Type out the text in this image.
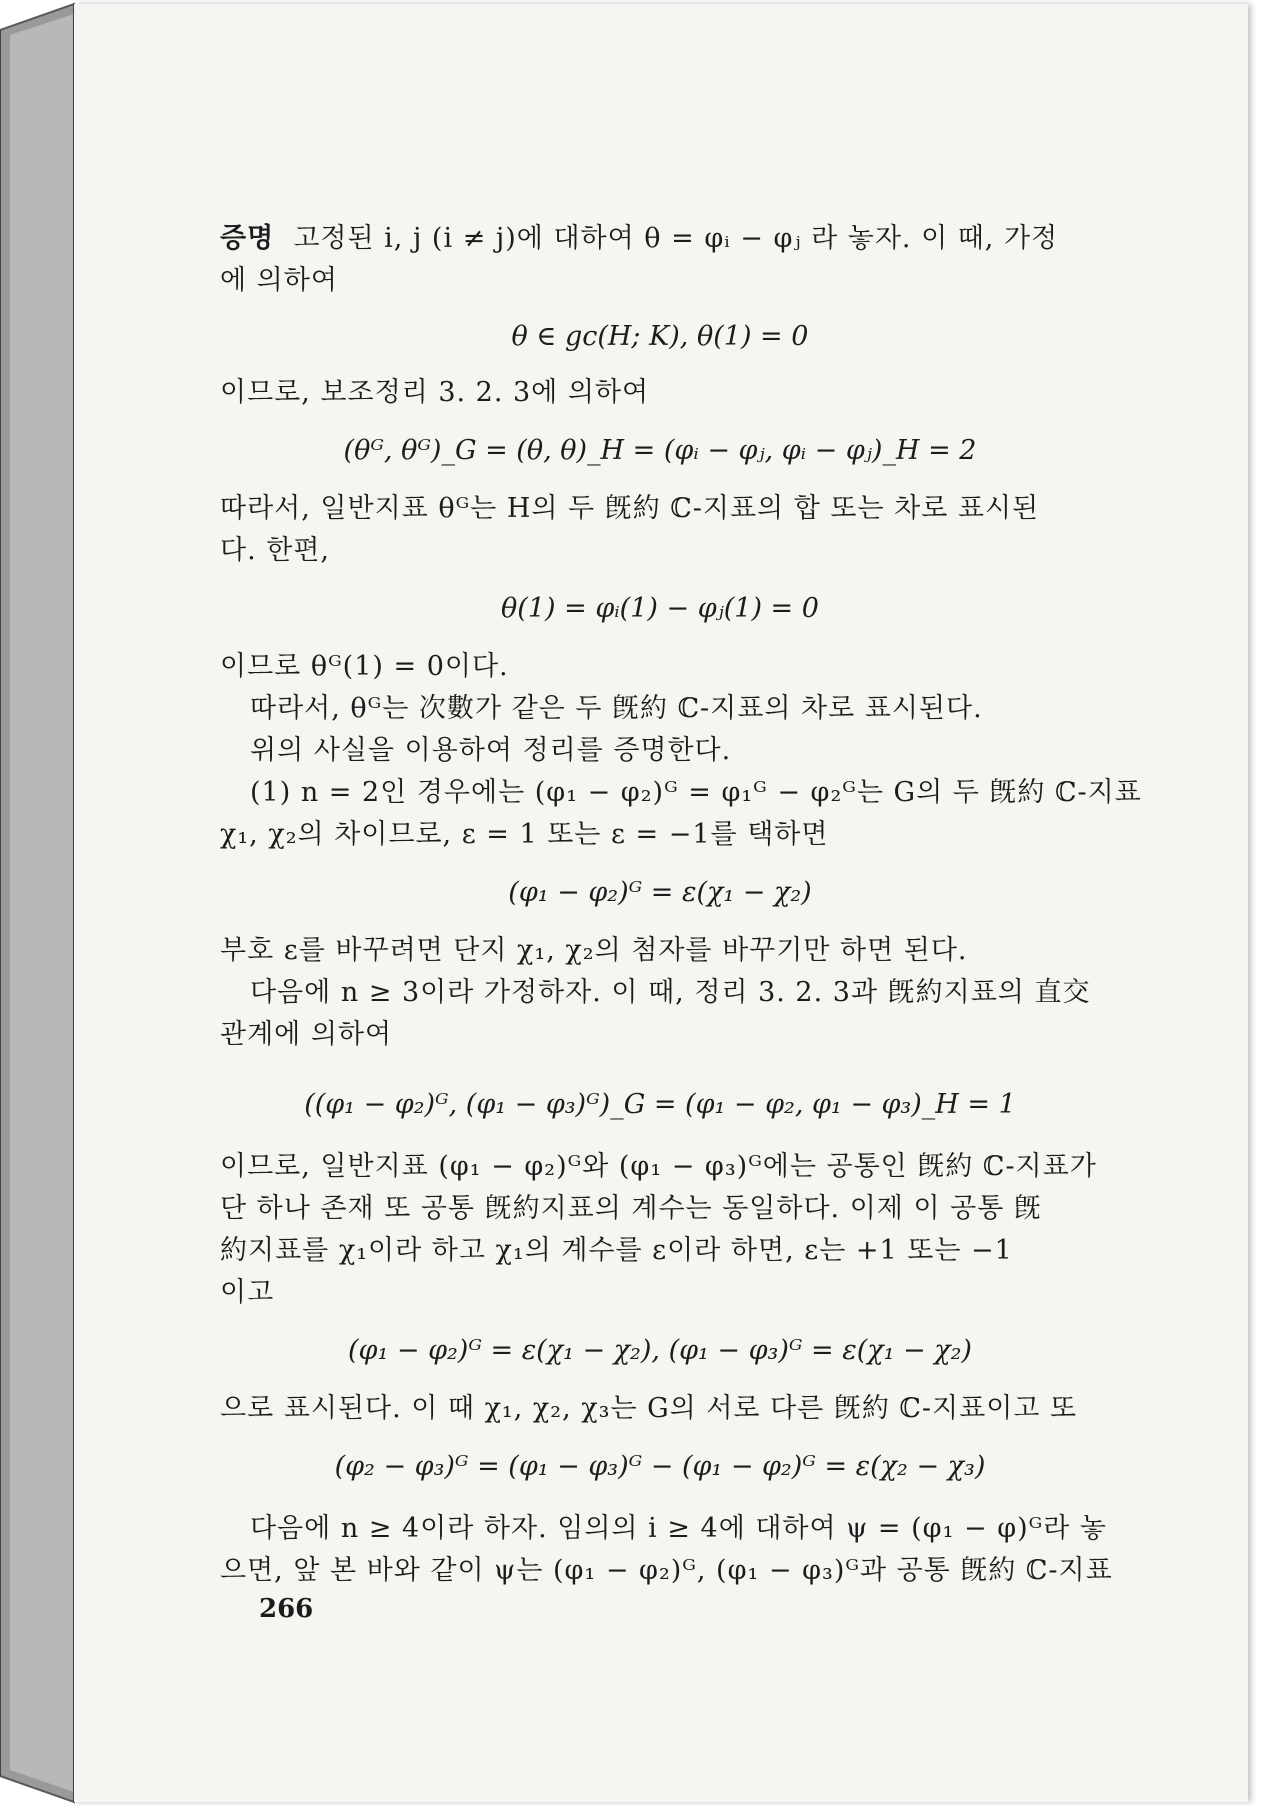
증명 고정된 i, j (i ≠ j)에 대하여 θ = φᵢ − φⱼ 라 놓자. 이 때, 가정

에 의하여

θ ∈ gc(H; K), θ(1) = 0

이므로, 보조정리 3. 2. 3에 의하여

(θᴳ, θᴳ)_G = (θ, θ)_H = (φᵢ − φⱼ, φᵢ − φⱼ)_H = 2

따라서, 일반지표 θᴳ는 H의 두 旣約 ℂ-지표의 합 또는 차로 표시된

다. 한편,

θ(1) = φᵢ(1) − φⱼ(1) = 0

이므로 θᴳ(1) = 0이다.

따라서, θᴳ는 次數가 같은 두 旣約 ℂ-지표의 차로 표시된다.

위의 사실을 이용하여 정리를 증명한다.

(1) n = 2인 경우에는 (φ₁ − φ₂)ᴳ = φ₁ᴳ − φ₂ᴳ는 G의 두 旣約 ℂ-지표

χ₁, χ₂의 차이므로, ε = 1 또는 ε = −1를 택하면

(φ₁ − φ₂)ᴳ = ε(χ₁ − χ₂)

부호 ε를 바꾸려면 단지 χ₁, χ₂의 첨자를 바꾸기만 하면 된다.

다음에 n ≥ 3이라 가정하자. 이 때, 정리 3. 2. 3과 旣約지표의 直交

관계에 의하여

((φ₁ − φ₂)ᴳ, (φ₁ − φ₃)ᴳ)_G = (φ₁ − φ₂, φ₁ − φ₃)_H = 1

이므로, 일반지표 (φ₁ − φ₂)ᴳ와 (φ₁ − φ₃)ᴳ에는 공통인 旣約 ℂ-지표가

단 하나 존재 또 공통 旣約지표의 계수는 동일하다. 이제 이 공통 旣

約지표를 χ₁이라 하고 χ₁의 계수를 ε이라 하면, ε는 +1 또는 −1

이고

(φ₁ − φ₂)ᴳ = ε(χ₁ − χ₂), (φ₁ − φ₃)ᴳ = ε(χ₁ − χ₂)

으로 표시된다. 이 때 χ₁, χ₂, χ₃는 G의 서로 다른 旣約 ℂ-지표이고 또

(φ₂ − φ₃)ᴳ = (φ₁ − φ₃)ᴳ − (φ₁ − φ₂)ᴳ = ε(χ₂ − χ₃)

다음에 n ≥ 4이라 하자. 임의의 i ≥ 4에 대하여 ψ = (φ₁ − φ)ᴳ라 놓

으면, 앞 본 바와 같이 ψ는 (φ₁ − φ₂)ᴳ, (φ₁ − φ₃)ᴳ과 공통 旣約 ℂ-지표

266
